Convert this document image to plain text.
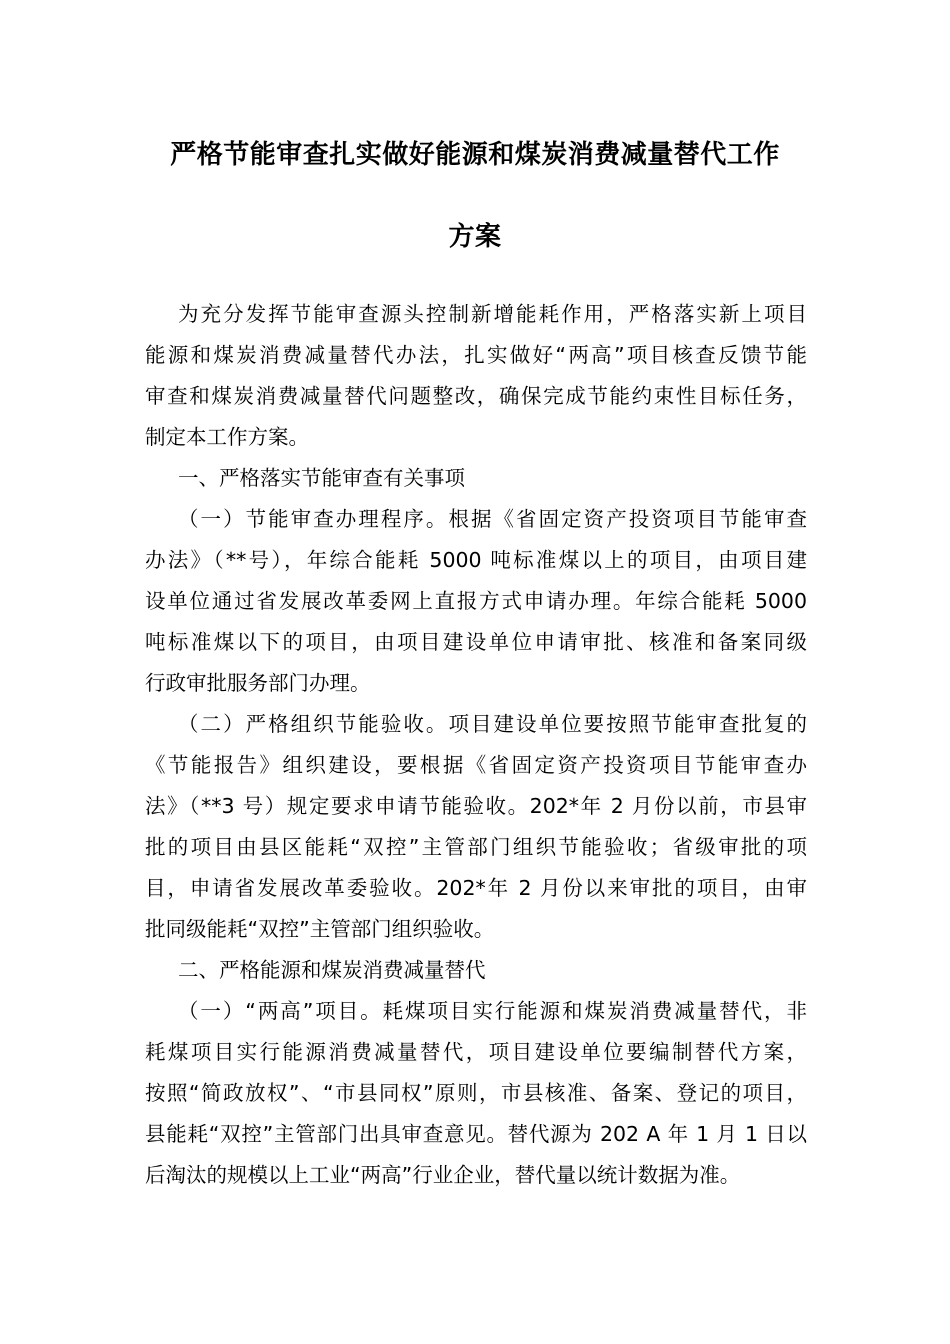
严格节能审查扎实做好能源和煤炭消费减量替代工作
方案
为充分发挥节能审查源头控制新增能耗作用，严格落实新上项目
能源和煤炭消费减量替代办法，扎实做好“两高”项目核查反馈节能
审查和煤炭消费减量替代问题整改，确保完成节能约束性目标任务，
制定本工作方案。
一、严格落实节能审查有关事项
（一）节能审查办理程序。根据《省固定资产投资项目节能审查
办法》（**号），年综合能耗 5000 吨标准煤以上的项目，由项目建
设单位通过省发展改革委网上直报方式申请办理。年综合能耗 5000
吨标准煤以下的项目，由项目建设单位申请审批、核准和备案同级
行政审批服务部门办理。
（二）严格组织节能验收。项目建设单位要按照节能审查批复的
《节能报告》组织建设，要根据《省固定资产投资项目节能审查办
法》（**3 号）规定要求申请节能验收。202*年 2 月份以前，市县审
批的项目由县区能耗“双控”主管部门组织节能验收；省级审批的项
目，申请省发展改革委验收。202*年 2 月份以来审批的项目，由审
批同级能耗“双控”主管部门组织验收。
二、严格能源和煤炭消费减量替代
（一）“两高”项目。耗煤项目实行能源和煤炭消费减量替代，非
耗煤项目实行能源消费减量替代，项目建设单位要编制替代方案，
按照“简政放权”、“市县同权”原则，市县核准、备案、登记的项目，
县能耗“双控”主管部门出具审查意见。替代源为 202 A 年 1 月 1 日以
后淘汰的规模以上工业“两高”行业企业，替代量以统计数据为准。
